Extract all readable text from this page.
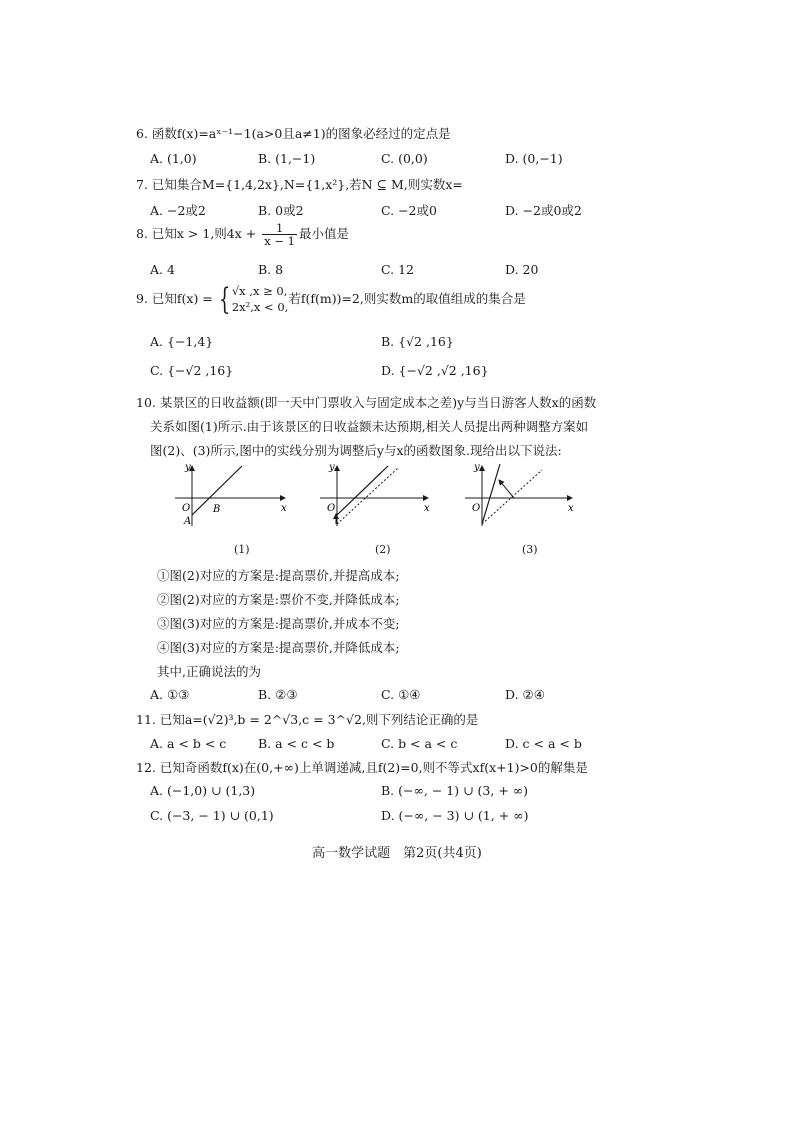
6. 函数f(x)=aˣ⁻¹−1(a>0且a≠1)的图象必经过的定点是
A. (1,0)	B. (1,−1)	C. (0,0)	D. (0,−1)
7. 已知集合M={1,4,2x},N={1,x²},若N ⊆ M,则实数x=
A. −2或2	B. 0或2	C. −2或0	D. −2或0或2
8. 已知x > 1,则$4x + \frac{1}{x - 1}$ 最小值是
A. 4	B. 8	C. 12	D. 20
9. 已知f(x) = { √x ,x ≥ 0,
2x²,x < 0,
若f(f(m))=2,则实数m的取值组成的集合是
A. {−1,4}	B. {√2 ,16}
C. {−√2 ,16}	D. {−√2 ,√2 ,16}
10. 某景区的日收益额(即一天中门票收入与固定成本之差)y与当日游客人数x的函数
关系如图(1)所示.由于该景区的日收益额未达预期,相关人员提出两种调整方案如
图(2)、(3)所示,图中的实线分别为调整后y与x的函数图象.现给出以下说法:
y
x
O
A
B
y
x
O
y
x
O
(1)	(2)	(3)
①图(2)对应的方案是:提高票价,并提高成本;
②图(2)对应的方案是:票价不变,并降低成本;
③图(3)对应的方案是:提高票价,并成本不变;
④图(3)对应的方案是:提高票价,并降低成本;
其中,正确说法的为
A. ①③	B. ②③	C. ①④	D. ②④
11. 已知a=(√2)³,b = 2^√3,c = 3^√2,则下列结论正确的是
A. a < b < c	B. a < c < b	C. b < a < c	D. c < a < b
12. 已知奇函数f(x)在(0,+∞)上单调递减,且f(2)=0,则不等式xf(x+1)>0的解集是
A. (−1,0) ∪ (1,3)	B. (−∞, − 1) ∪ (3, + ∞)
C. (−3, − 1) ∪ (0,1)	D. (−∞, − 3) ∪ (1, + ∞)
高一数学试题　第2页(共4页)
